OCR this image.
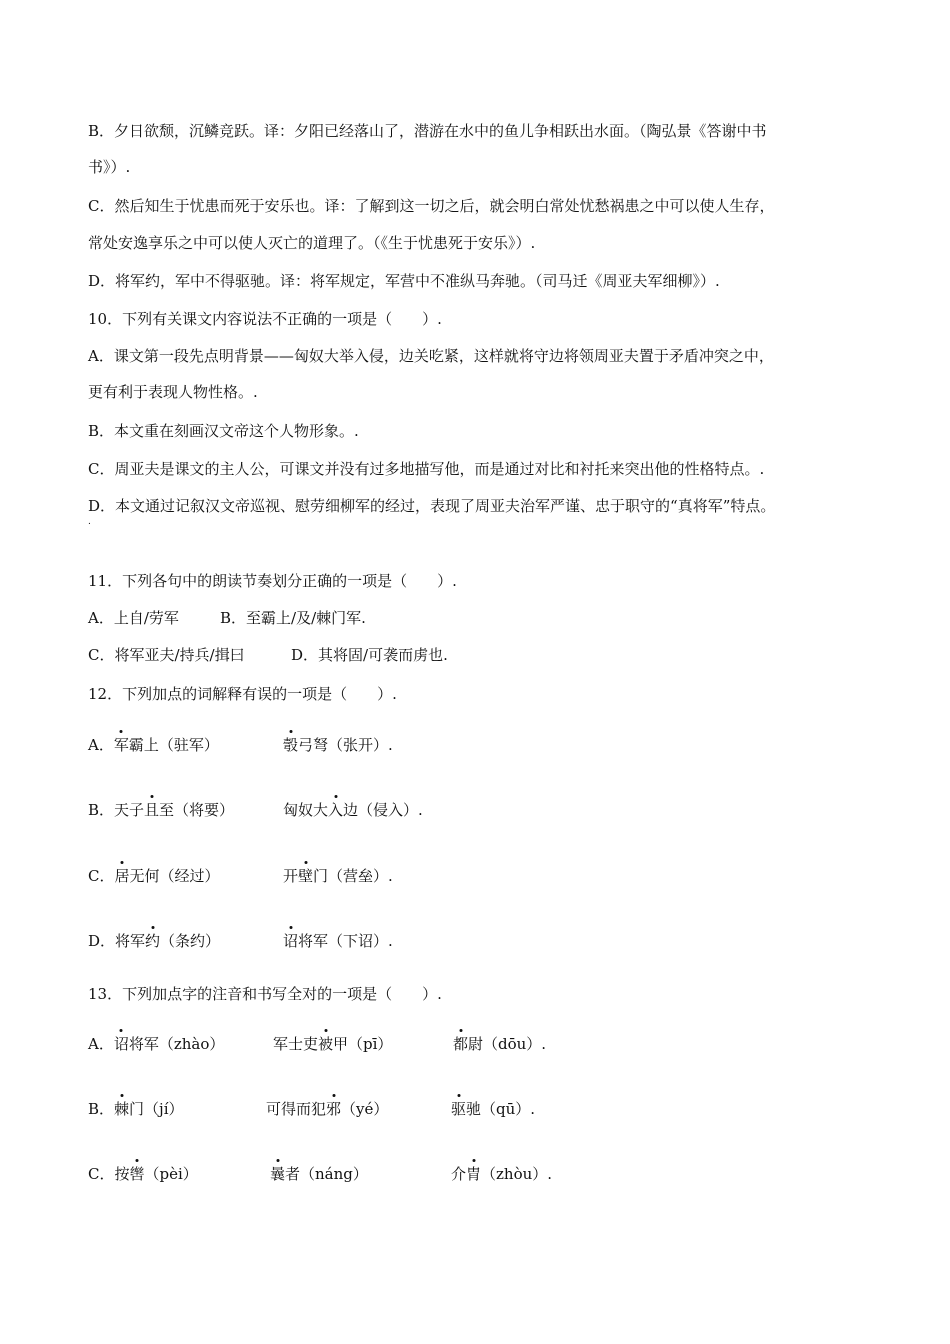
B．夕日欲颓，沉鳞竞跃。译：夕阳已经落山了，潜游在水中的鱼儿争相跃出水面。（陶弘景《答谢中书
书》）.
C．然后知生于忧患而死于安乐也。译：了解到这一切之后，就会明白常处忧愁祸患之中可以使人生存，
常处安逸享乐之中可以使人灭亡的道理了。（《生于忧患死于安乐》）.
D．将军约，军中不得驱驰。译：将军规定，军营中不准纵马奔驰。（司马迁《周亚夫军细柳》）.
10．下列有关课文内容说法不正确的一项是（　　）.
A．课文第一段先点明背景——匈奴大举入侵，边关吃紧，这样就将守边将领周亚夫置于矛盾冲突之中，
更有利于表现人物性格。.
B．本文重在刻画汉文帝这个人物形象。.
C．周亚夫是课文的主人公，可课文并没有过多地描写他，而是通过对比和衬托来突出他的性格特点。.
D．本文通过记叙汉文帝巡视、慰劳细柳军的经过，表现了周亚夫治军严谨、忠于职守的“真将军”特点。
.
11．下列各句中的朗读节奏划分正确的一项是（　　）.
A．上自/劳军	B．至霸上/及/棘门军.
C．将军亚夫/持兵/揖曰	D．其将固/可袭而虏也.
12．下列加点的词解释有误的一项是（　　）.
A．军霸上（驻军）	彀弓弩（张开）.
B．天子且至（将要）	匈奴大入边（侵入）.
C．居无何（经过）	开壁门（营垒）.
D．将军约（条约）	诏将军（下诏）.
13．下列加点字的注音和书写全对的一项是（　　）.
A．诏将军（zhào）	军士吏被甲（pī）	都尉（dōu）.
B．棘门（jí）	可得而犯邪（yé）	驱驰（qū）.
C．按辔（pèi）	曩者（náng）	介胄（zhòu）.
